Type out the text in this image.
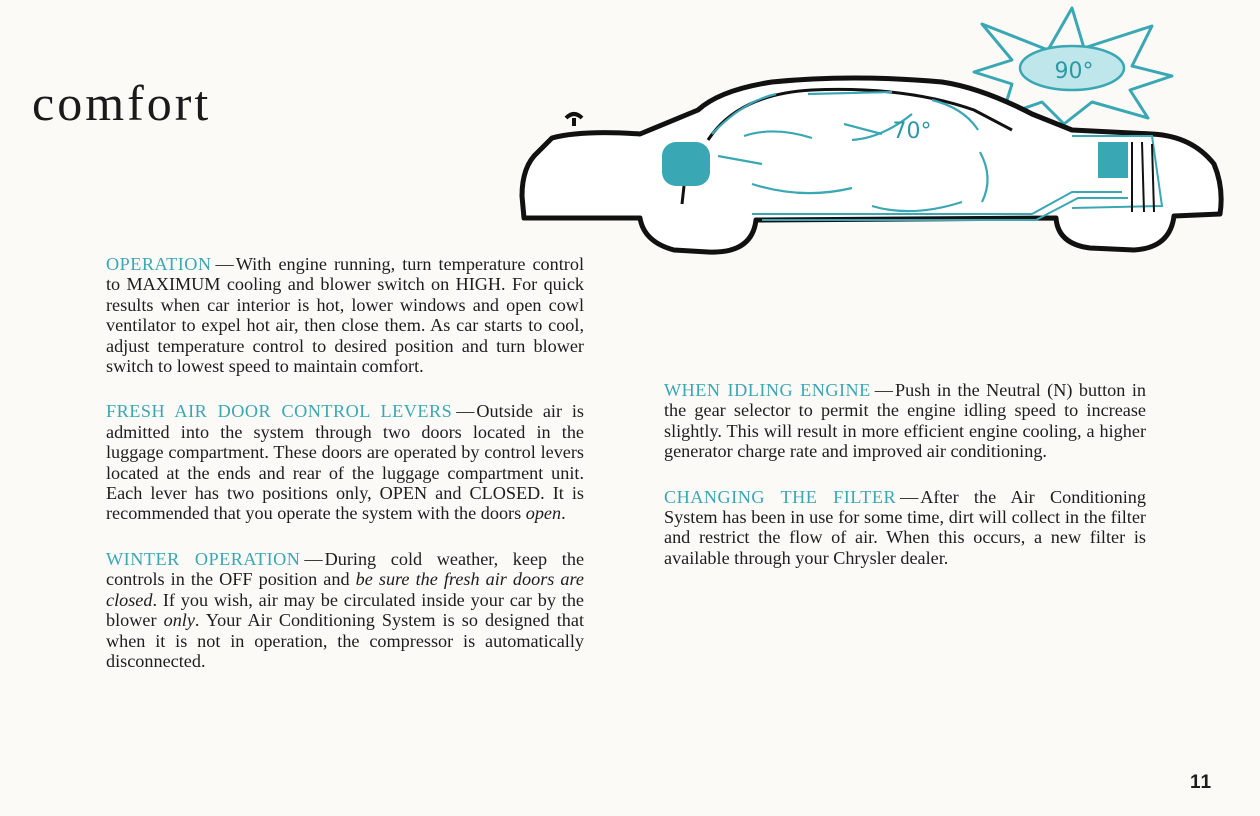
comfort
90°
70°

OPERATION — With engine running, turn temperature control to MAXIMUM cooling and blower switch on HIGH. For quick results when car interior is hot, lower windows and open cowl ventilator to expel hot air, then close them. As car starts to cool, adjust temperature control to desired position and turn blower switch to lowest speed to maintain comfort.

FRESH AIR DOOR CONTROL LEVERS — Outside air is admitted into the system through two doors located in the luggage compartment. These doors are operated by control levers located at the ends and rear of the luggage compartment unit. Each lever has two positions only, OPEN and CLOSED. It is recommended that you operate the system with the doors open.

WINTER OPERATION — During cold weather, keep the controls in the OFF position and be sure the fresh air doors are closed. If you wish, air may be circulated inside your car by the blower only. Your Air Conditioning System is so designed that when it is not in operation, the compressor is automatically disconnected.

WHEN IDLING ENGINE — Push in the Neutral (N) button in the gear selector to permit the engine idling speed to increase slightly. This will result in more efficient engine cooling, a higher generator charge rate and improved air conditioning.

CHANGING THE FILTER — After the Air Conditioning System has been in use for some time, dirt will collect in the filter and restrict the flow of air. When this occurs, a new filter is available through your Chrysler dealer.

11
